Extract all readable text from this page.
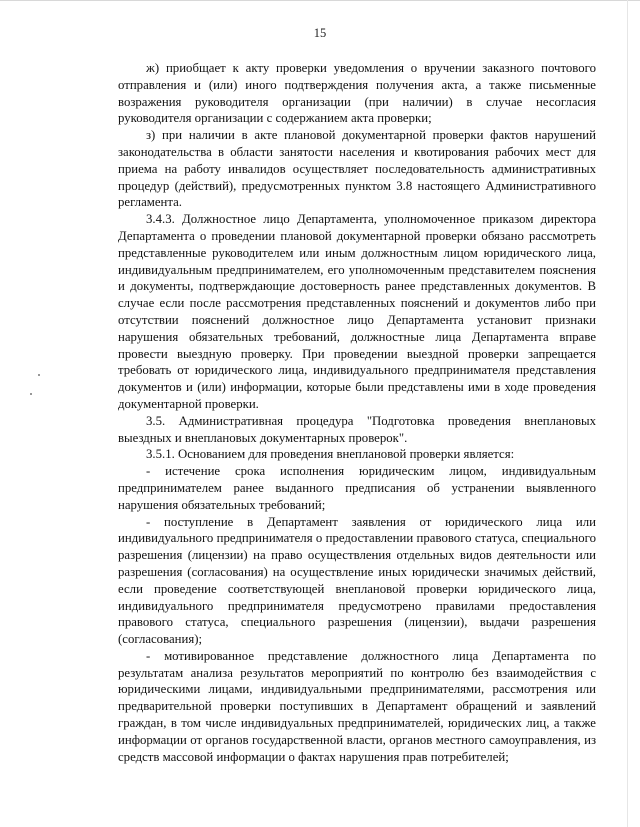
15

ж) приобщает к акту проверки уведомления о вручении заказного почтового отправления и (или) иного подтверждения получения акта, а также письменные возражения руководителя организации (при наличии) в случае несогласия руководителя организации с содержанием акта проверки;

з) при наличии в акте плановой документарной проверки фактов нарушений законодательства в области занятости населения и квотирования рабочих мест для приема на работу инвалидов осуществляет последовательность административных процедур (действий), предусмотренных пунктом 3.8 настоящего Административного регламента.

3.4.3. Должностное лицо Департамента, уполномоченное приказом директора Департамента о проведении плановой документарной проверки обязано рассмотреть представленные руководителем или иным должностным лицом юридического лица, индивидуальным предпринимателем, его уполномоченным представителем пояснения и документы, подтверждающие достоверность ранее представленных документов. В случае если после рассмотрения представленных пояснений и документов либо при отсутствии пояснений должностное лицо Департамента установит признаки нарушения обязательных требований, должностные лица Департамента вправе провести выездную проверку. При проведении выездной проверки запрещается требовать от юридического лица, индивидуального предпринимателя представления документов и (или) информации, которые были представлены ими в ходе проведения документарной проверки.

3.5. Административная процедура "Подготовка проведения внеплановых выездных и внеплановых документарных проверок".

3.5.1. Основанием для проведения внеплановой проверки является:

- истечение срока исполнения юридическим лицом, индивидуальным предпринимателем ранее выданного предписания об устранении выявленного нарушения обязательных требований;

- поступление в Департамент заявления от юридического лица или индивидуального предпринимателя о предоставлении правового статуса, специального разрешения (лицензии) на право осуществления отдельных видов деятельности или разрешения (согласования) на осуществление иных юридически значимых действий, если проведение соответствующей внеплановой проверки юридического лица, индивидуального предпринимателя предусмотрено правилами предоставления правового статуса, специального разрешения (лицензии), выдачи разрешения (согласования);

- мотивированное представление должностного лица Департамента по результатам анализа результатов мероприятий по контролю без взаимодействия с юридическими лицами, индивидуальными предпринимателями, рассмотрения или предварительной проверки поступивших в Департамент обращений и заявлений граждан, в том числе индивидуальных предпринимателей, юридических лиц, а также информации от органов государственной власти, органов местного самоуправления, из средств массовой информации о фактах нарушения прав потребителей;
